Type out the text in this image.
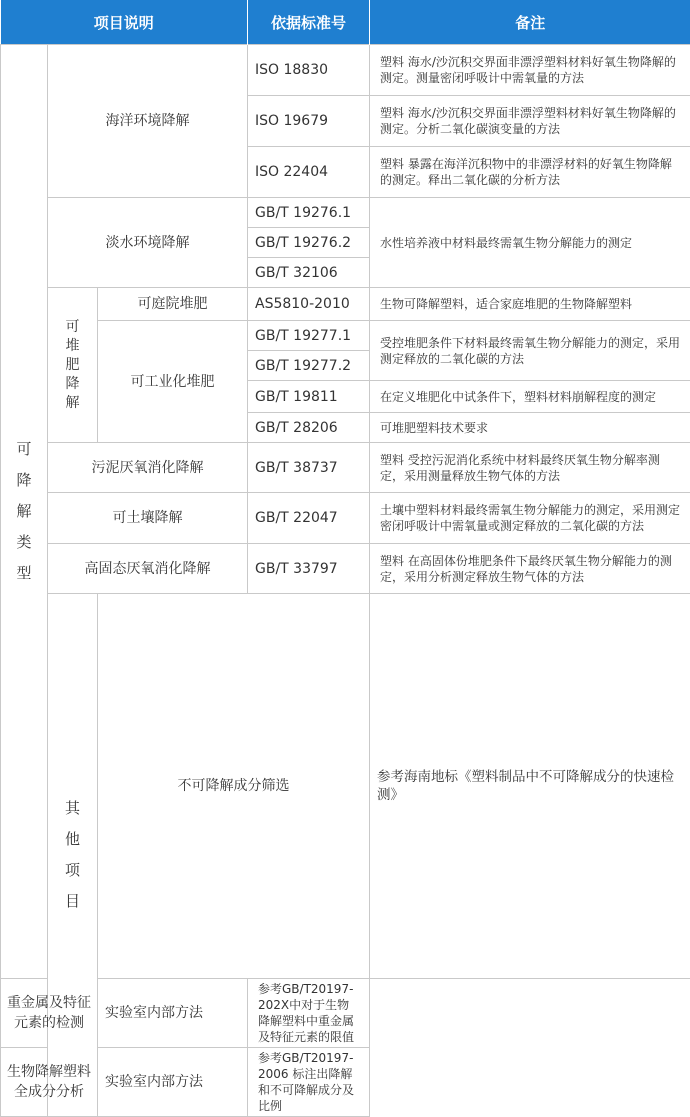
项目说明			依据标准号	备注	

可
降
解
类
型	海洋环境降解		ISO 18830	塑料 海水/沙沉积交界面非漂浮塑料材料好氧生物降解的测定。测量密闭呼吸计中需氧量的方法	
			ISO 19679	塑料 海水/沙沉积交界面非漂浮塑料材料好氧生物降解的测定。分析二氧化碳演变量的方法	
			ISO 22404	塑料 暴露在海洋沉积物中的非漂浮材料的好氧生物降解的测定。释出二氧化碳的分析方法	
	淡水环境降解		GB/T 19276.1	水性培养液中材料最终需氧生物分解能力的测定	
			GB/T 19276.2		
			GB/T 32106		

	可
堆
肥
降
解	可庭院堆肥	AS5810-2010	生物可降解塑料，适合家庭堆肥的生物降解塑料	
		可工业化堆肥	GB/T 19277.1	受控堆肥条件下材料最终需氧生物分解能力的测定，采用测定释放的二氧化碳的方法	
			GB/T 19277.2		
			GB/T 19811	在定义堆肥化中试条件下，塑料材料崩解程度的测定	
			GB/T 28206	可堆肥塑料技术要求	
	污泥厌氧消化降解		GB/T 38737	塑料 受控污泥消化系统中材料最终厌氧生物分解率测定，采用测量释放生物气体的方法	
	可土壤降解		GB/T 22047	土壤中塑料材料最终需氧生物分解能力的测定，采用测定密闭呼吸计中需氧量或测定释放的二氧化碳的方法	
	高固态厌氧消化降解		GB/T 33797	塑料 在高固体份堆肥条件下最终厌氧生物分解能力的测定，采用分析测定释放生物气体的方法	

	其
他
项
目	不可降解成分筛选		参考海南地标《塑料制品中不可降解成分的快速检测》	
重金属及特征元素的检测		实验室内部方法	参考GB/T20197-202X中对于生物降解塑料中重金属及特征元素的限值		
生物降解塑料全成分分析		实验室内部方法	参考GB/T20197-2006 标注出降解和不可降解成分及比例		
